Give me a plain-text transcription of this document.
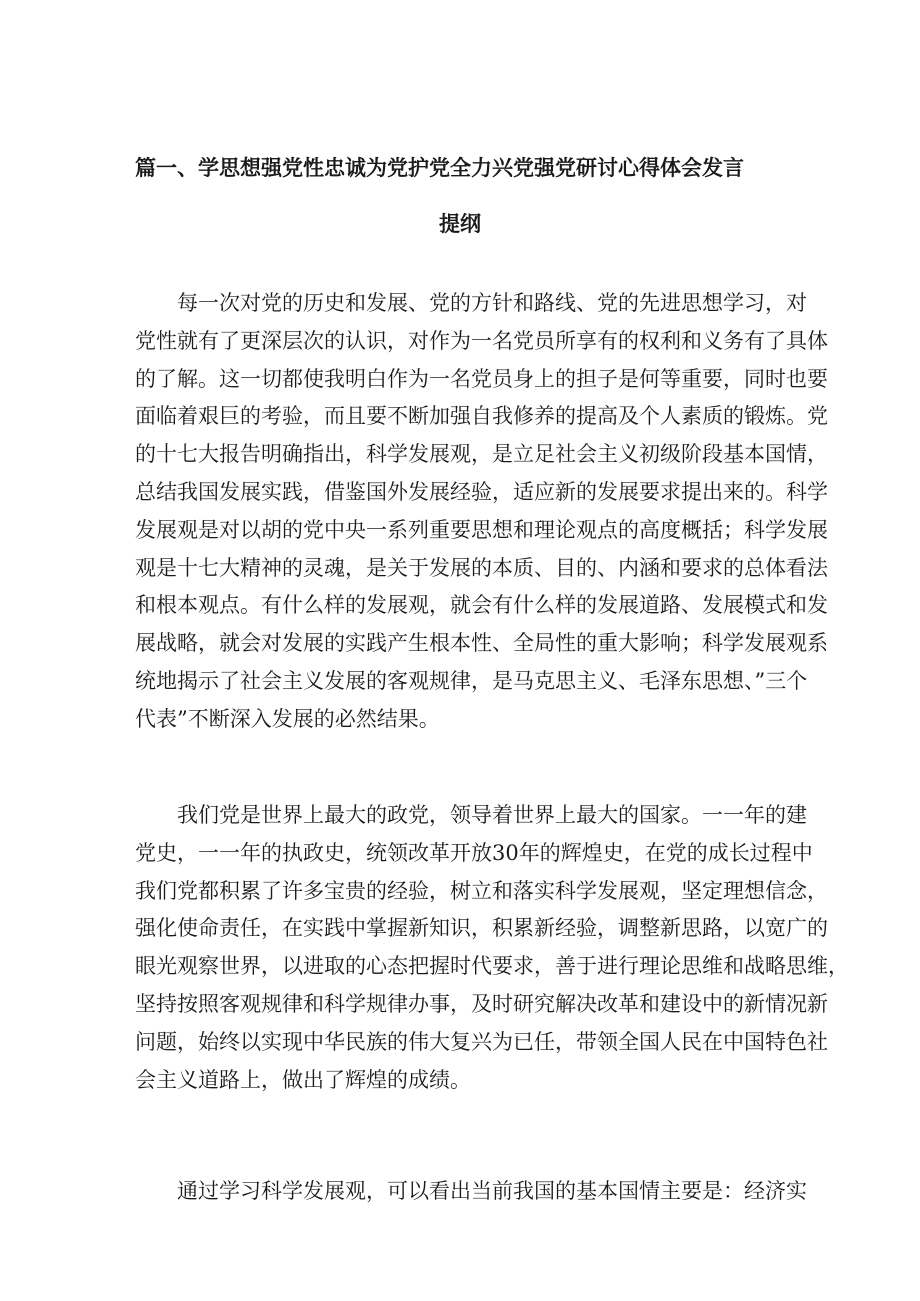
篇一、学思想强党性忠诚为党护党全力兴党强党研讨心得体会发言
提纲
每一次对党的历史和发展、党的方针和路线、党的先进思想学习，对
党性就有了更深层次的认识，对作为一名党员所享有的权利和义务有了具体
的了解。这一切都使我明白作为一名党员身上的担子是何等重要，同时也要
面临着艰巨的考验，而且要不断加强自我修养的提高及个人素质的锻炼。党
的十七大报告明确指出，科学发展观，是立足社会主义初级阶段基本国情，
总结我国发展实践，借鉴国外发展经验，适应新的发展要求提出来的。科学
发展观是对以胡的党中央一系列重要思想和理论观点的高度概括；科学发展
观是十七大精神的灵魂，是关于发展的本质、目的、内涵和要求的总体看法
和根本观点。有什么样的发展观，就会有什么样的发展道路、发展模式和发
展战略，就会对发展的实践产生根本性、全局性的重大影响；科学发展观系
统地揭示了社会主义发展的客观规律，是马克思主义、毛泽东思想、”三个
代表”不断深入发展的必然结果。
我们党是世界上最大的政党，领导着世界上最大的国家。一一年的建
党史，一一年的执政史，统领改革开放30年的辉煌史，在党的成长过程中
我们党都积累了许多宝贵的经验，树立和落实科学发展观，坚定理想信念，
强化使命责任，在实践中掌握新知识，积累新经验，调整新思路，以宽广的
眼光观察世界，以进取的心态把握时代要求，善于进行理论思维和战略思维，
坚持按照客观规律和科学规律办事，及时研究解决改革和建设中的新情况新
问题，始终以实现中华民族的伟大复兴为已任，带领全国人民在中国特色社
会主义道路上，做出了辉煌的成绩。
通过学习科学发展观，可以看出当前我国的基本国情主要是：经济实
